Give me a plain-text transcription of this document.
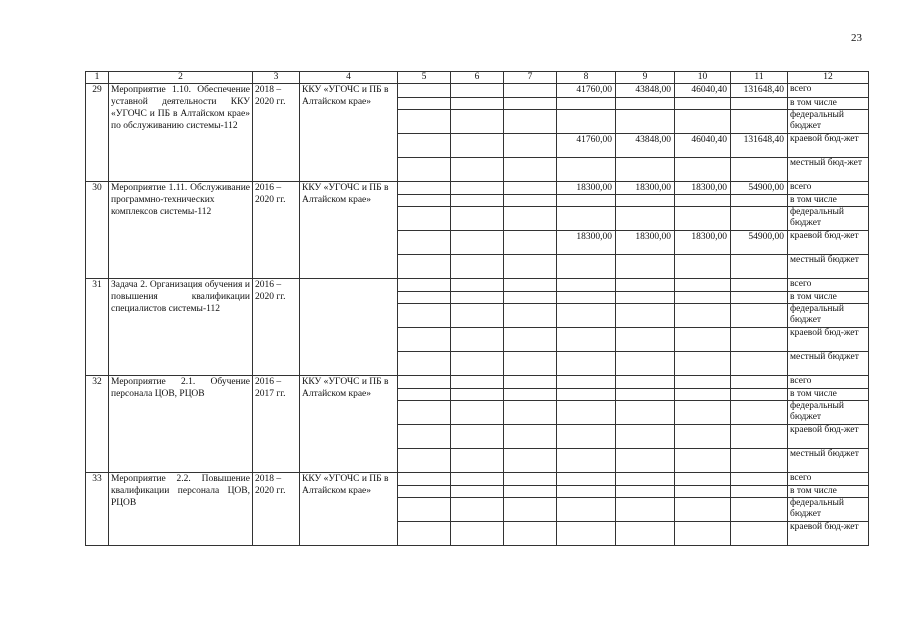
23
1	2	3	4	5	6	7	8	9	10	11	12
29	Мероприятие 1.10. Обеспечение уставной деятельности ККУ «УГОЧС и ПБ в Алтайском крае» по обслуживанию системы-112	2018 – 2020 гг.	ККУ «УГОЧС и ПБ в Алтайском крае»				41760,00	43848,00	46040,40	131648,40	всего
											в том числе
											федеральный бюджет
							41760,00	43848,00	46040,40	131648,40	краевой бюд-жет
											местный бюд-жет
30	Мероприятие 1.11. Обслуживание программно-технических комплексов системы-112	2016 – 2020 гг.	ККУ «УГОЧС и ПБ в Алтайском крае»				18300,00	18300,00	18300,00	54900,00	всего
											в том числе
											федеральный бюджет
							18300,00	18300,00	18300,00	54900,00	краевой бюд-жет
											местный бюджет
31	Задача 2. Организация обучения и повышения квалификации специалистов системы-112	2016 – 2020 гг.									всего
											в том числе
											федеральный бюджет
											краевой бюд-жет
											местный бюджет
32	Мероприятие 2.1. Обучение персонала ЦОВ, РЦОВ	2016 – 2017 гг.	ККУ «УГОЧС и ПБ в Алтайском крае»								всего
											в том числе
											федеральный бюджет
											краевой бюд-жет
											местный бюджет
33	Мероприятие 2.2. Повышение квалификации персонала ЦОВ, РЦОВ	2018 – 2020 гг.	ККУ «УГОЧС и ПБ в Алтайском крае»								всего
											в том числе
											федеральный бюджет
											краевой бюд-жет
